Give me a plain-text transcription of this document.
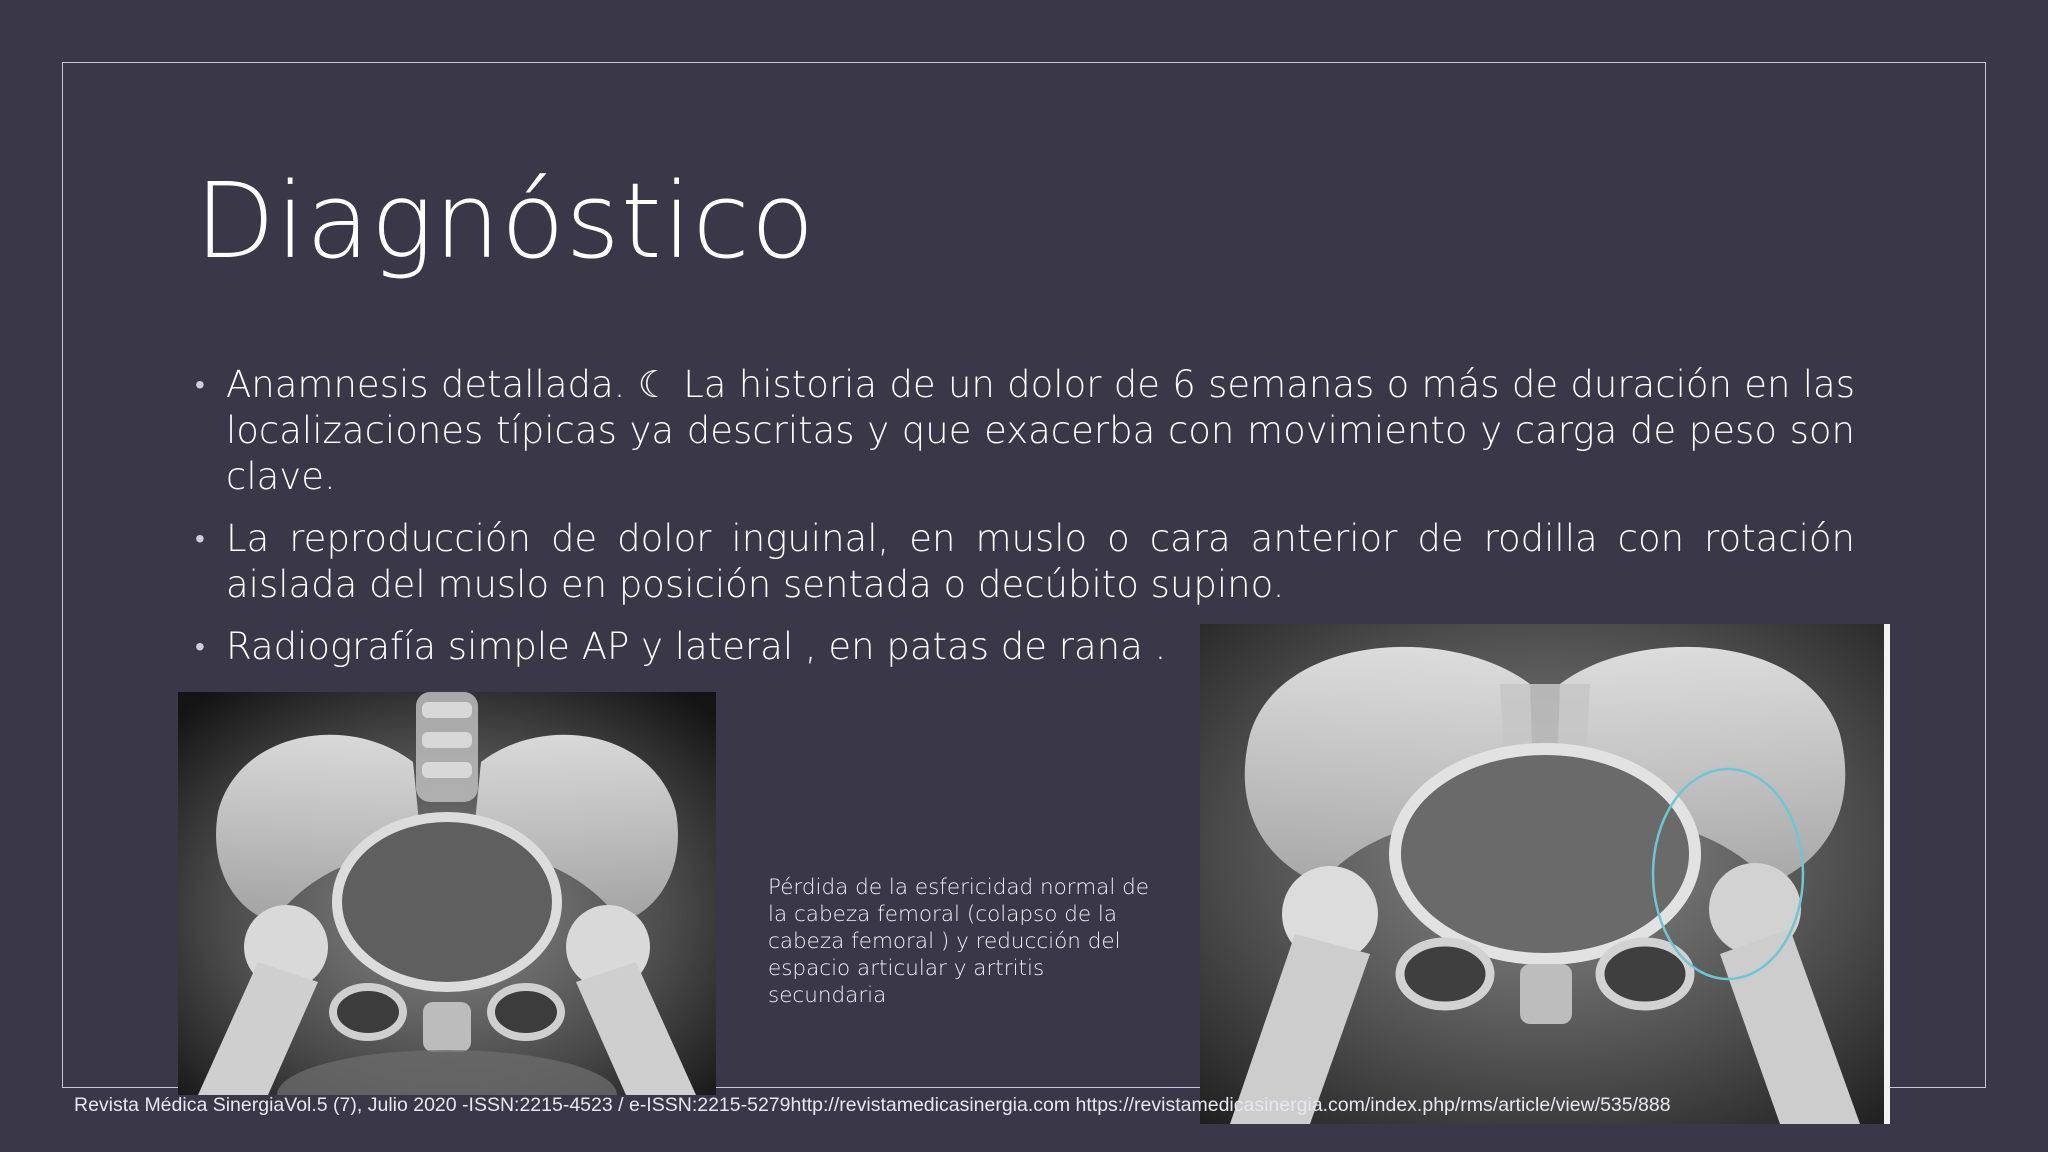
Diagnóstico
• Anamnesis detallada. ☾ La historia de un dolor de 6 semanas o más de duración en las localizaciones típicas ya descritas y que exacerba con movimiento y carga de peso son clave.
• La reproducción de dolor inguinal, en muslo o cara anterior de rodilla con rotación aislada del muslo en posición sentada o decúbito supino.
• Radiografía simple AP y lateral , en patas de rana .
Pérdida de la esfericidad normal de la cabeza femoral (colapso de la cabeza femoral ) y reducción del espacio articular y artritis secundaria
Revista Médica SinergiaVol.5 (7), Julio 2020 -ISSN:2215-4523 / e-ISSN:2215-5279http://revistamedicasinergia.com https://revistamedicasinergia.com/index.php/rms/article/view/535/888
